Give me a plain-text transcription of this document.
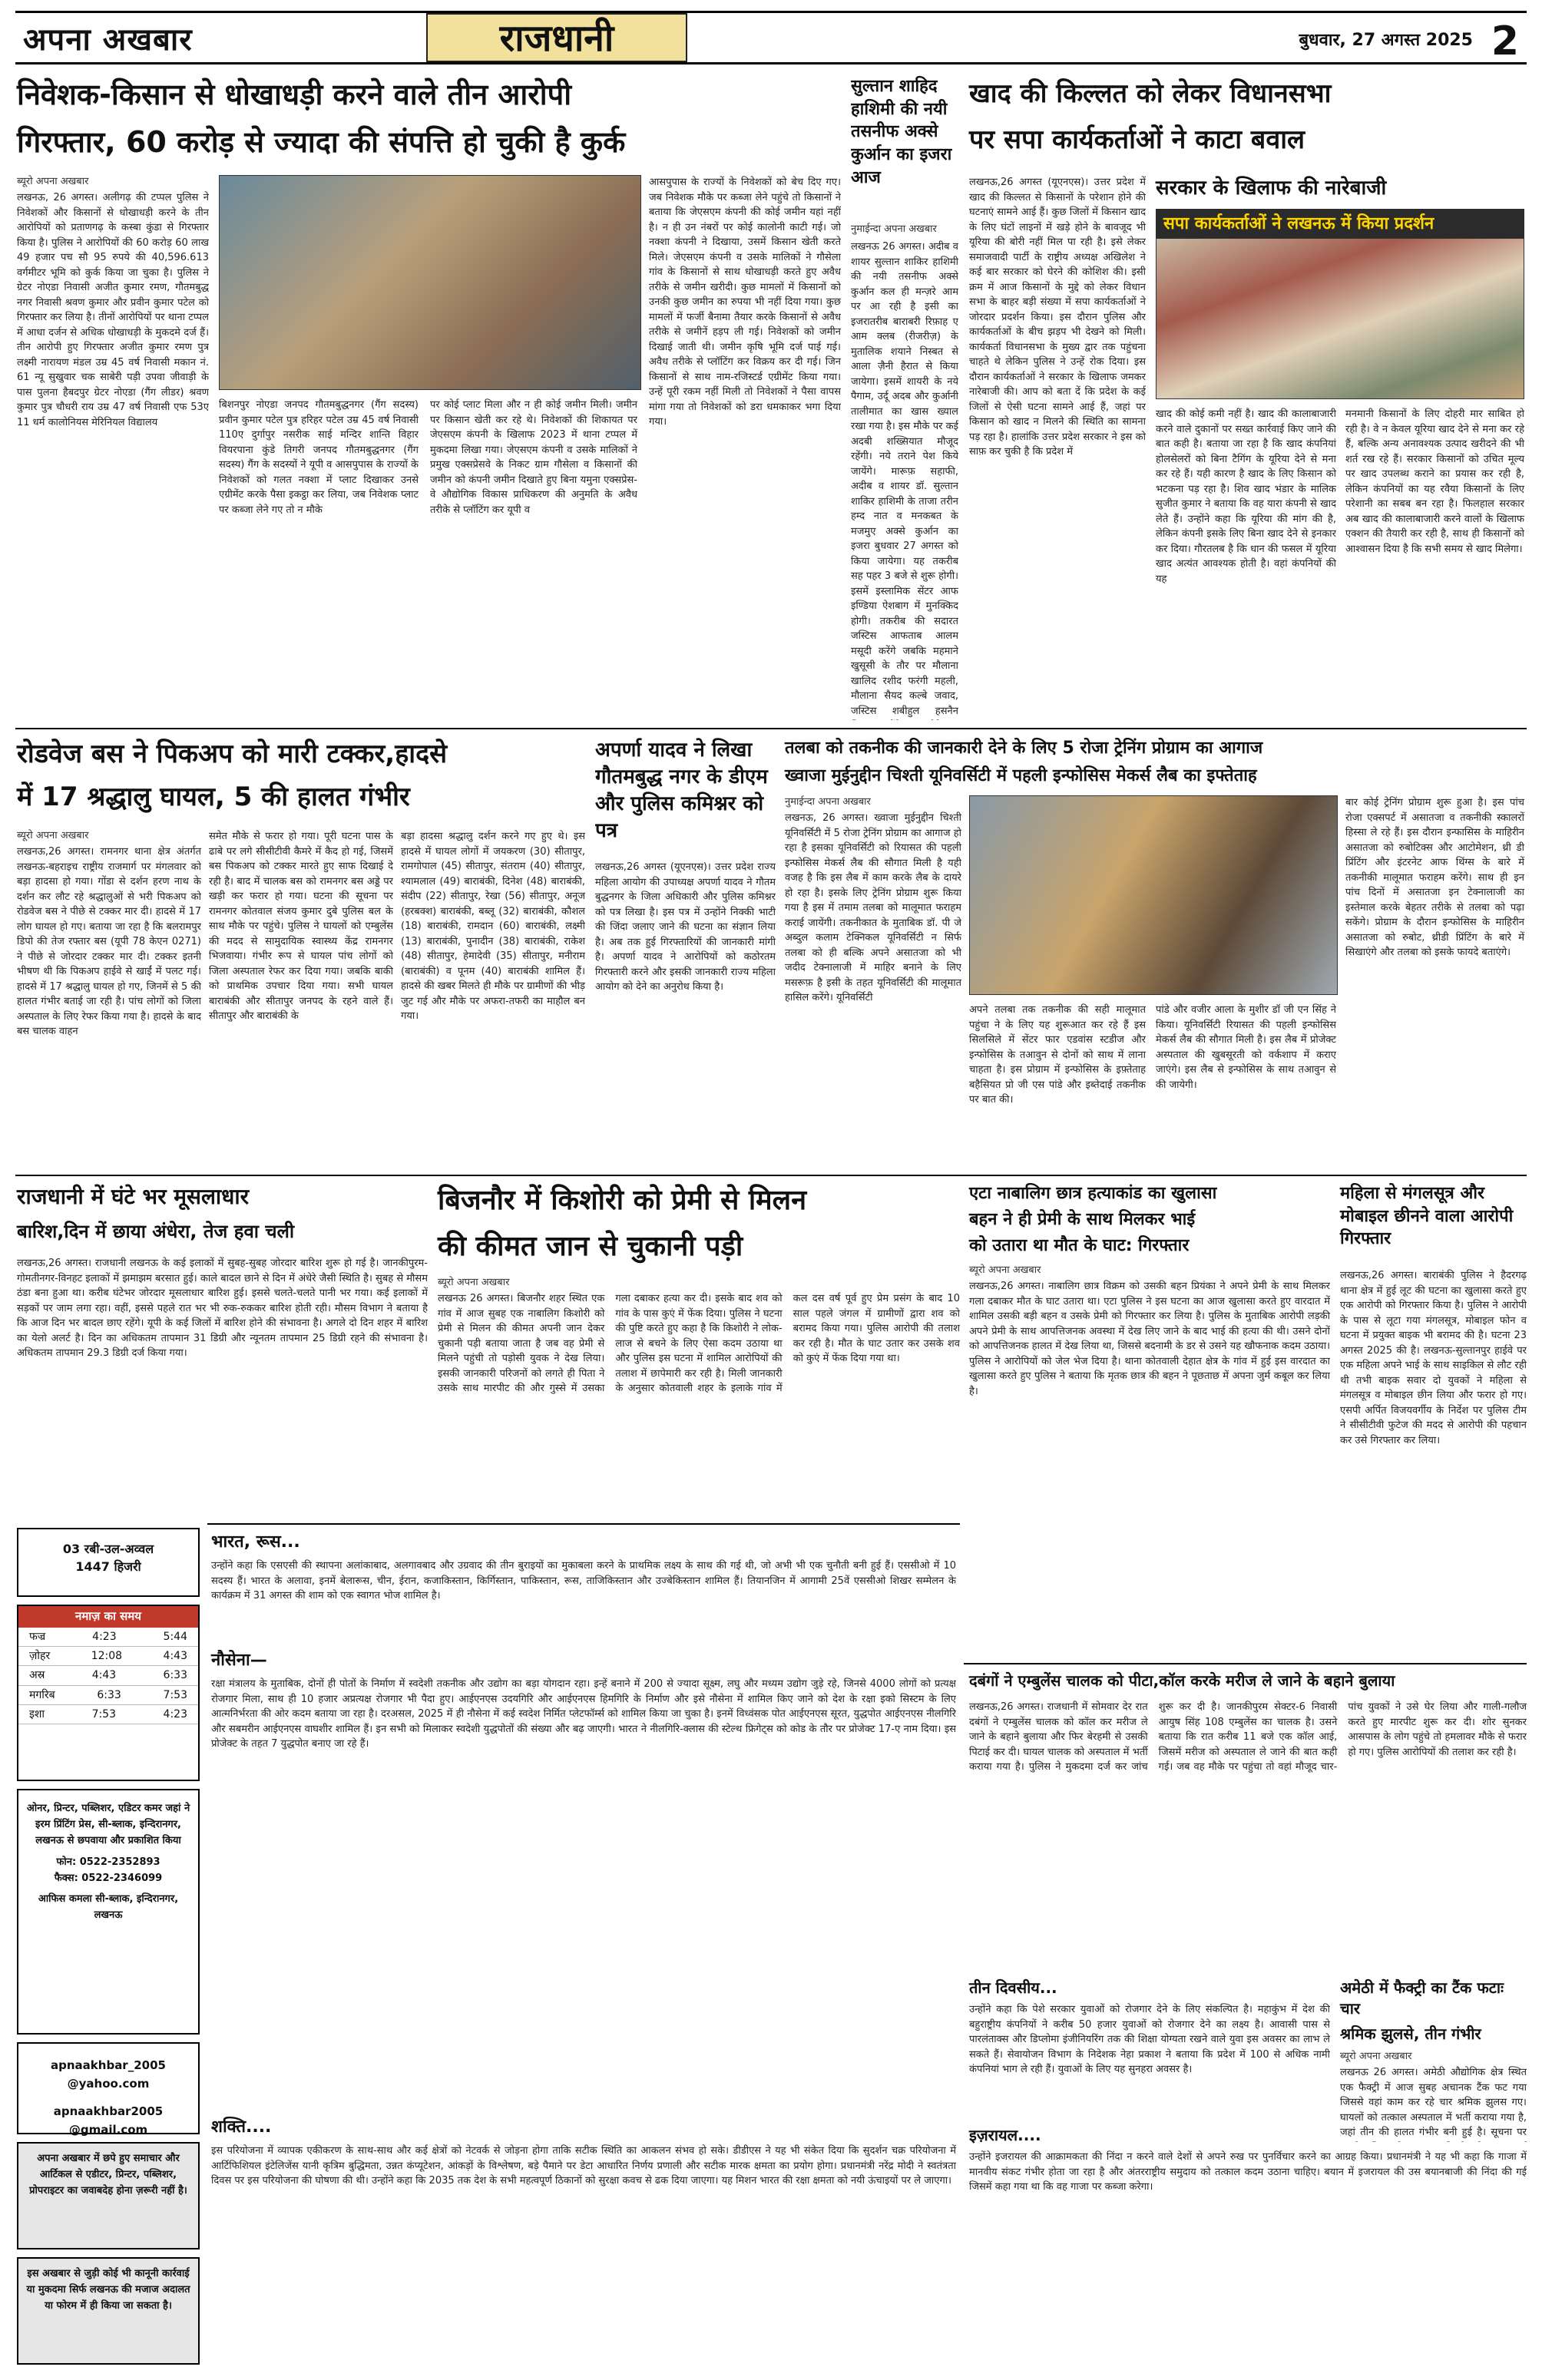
अपना अखबार	राजधानी	बुधवार, 27 अगस्त 2025 2
निवेशक-किसान से धोखाधड़ी करने वाले तीन आरोपी
गिरफ्तार, 60 करोड़ से ज्यादा की संपत्ति हो चुकी है कुर्क
ब्यूरो अपना अखबार
लखनऊ, 26 अगस्त। अलीगढ़ की टप्पल पुलिस ने निवेशकों और किसानों से धोखाधड़ी करने के तीन आरोपियों को प्रताणगढ़ के कस्बा कुंडा से गिरफ्तार किया है। पुलिस ने आरोपियों की 60 करोड़ 60 लाख 49 हजार पच सौ 95 रुपये की 40,596.613 वर्गमीटर भूमि को कुर्क किया जा चुका है। पुलिस ने ग्रेटर नोएडा निवासी अजीत कुमार रमण, गौतमबुद्ध नगर निवासी श्रवण कुमार और प्रवीन कुमार पटेल को गिरफ्तार कर लिया है। तीनों आरोपियों पर थाना टप्पल में आधा दर्जन से अधिक धोखाधड़ी के मुकदमे दर्ज हैं। तीन आरोपी हुए गिरफ्तार अजीत कुमार रमण पुत्र लक्ष्मी नारायण मंडल उम्र 45 वर्ष निवासी मकान नं. 61 न्यू सुखुवार चक साबेरी पड़ी उपवा जीवाड़ी के पास पुलना हैबदपुर ग्रेटर नोएडा (गैंग लीडर) श्रवण कुमार पुत्र चौधरी राय उम्र 47 वर्ष निवासी एफ 53ए 11 धर्म कालोनियस मेरिनियल विद्यालय
बिशनपुर नोएडा जनपद गौतमबुद्धनगर (गैंग सदस्य) प्रवीन कुमार पटेल पुत्र हरिहर पटेल उम्र 45 वर्ष निवासी 110ए दुर्गापुर नसरीक साई मन्दिर शान्ति विहार वियरपाना कुंडे तिगरी जनपद गौतमबुद्धनगर (गैंग सदस्य) गैंग के सदस्यों ने यूपी व आसपुपास के राज्यों के निवेशकों को गलत नक्शा में प्लाट दिखाकर उनसे एग्रीमेंट करके पैसा इकट्ठा कर लिया, जब निवेशक प्लाट पर कब्जा लेने गए तो न मौके
पर कोई प्लाट मिला और न ही कोई जमीन मिली। जमीन पर किसान खेती कर रहे थे। निवेशकों की शिकायत पर जेएसएम कंपनी के खिलाफ 2023 में थाना टप्पल में मुकदमा लिखा गया। जेएसएम कंपनी व उसके मालिकों ने प्रमुख एक्सप्रेसवे के निकट ग्राम गौसेला व किसानों की जमीन को कंपनी जमीन दिखाते हुए बिना यमुना एक्सप्रेस-वे औद्योगिक विकास प्राधिकरण की अनुमति के अवैध तरीके से प्लॉटिंग कर यूपी व
आसपुपास के राज्यों के निवेशकों को बेच दिए गए। जब निवेशक मौके पर कब्जा लेने पहुंचे तो किसानों ने बताया कि जेएसएम कंपनी की कोई जमीन यहां नहीं है। न ही उन नंबरों पर कोई कालोनी काटी गई। जो नक्शा कंपनी ने दिखाया, उसमें किसान खेती करते मिले। जेएसएम कंपनी व उसके मालिकों ने गौसेला गांव के किसानों से साथ धोखाधड़ी करते हुए अवैध तरीके से जमीन खरीदी। कुछ मामलों में किसानों को उनकी कुछ जमीन का रुपया भी नहीं दिया गया। कुछ मामलों में फर्जी बैनामा तैयार करके किसानों से अवैध तरीके से जमीनें हड़प ली गई। निवेशकों को जमीन दिखाई जाती थी। जमीन कृषि भूमि दर्ज पाई गई। अवैध तरीके से प्लॉटिंग कर विक्रय कर दी गई। जिन किसानों से साथ नाम-रजिस्टर्ड एग्रीमेंट किया गया। उन्हें पूरी रकम नहीं मिली तो निवेशकों ने पैसा वापस मांगा गया तो निवेशकों को डरा धमकाकर भगा दिया गया।
सुल्तान शाहिद हाशिमी की नयी तसनीफ अक्से कुर्आन का इजरा आज
नुमाईन्दा अपना अखबार
लखनऊ 26 अगस्त। अदीब व शायर सुल्तान शाकिर हाशिमी की नयी तसनीफ अक्से कुर्आन कल ही मन्ज़रे आम पर आ रही है इसी का इजरातरीब बाराबरी रिफ़ाह ए आम क्लब (रीजरीज़) के मुतालिक शयाने निस्बत से आला ज़ैनी हैरात से किया जायेगा। इसमें शायरी के नये पैगाम, उर्दू अदब और कुर्आनी तालीमात का खास ख्याल रखा गया है। इस मौके पर कई अदबी शख्सियात मौजूद रहेंगी। नये तराने पेश किये जायेंगे। मारूफ़ सहाफी, अदीब व शायर डॉ. सुल्तान शाकिर हाशिमी के ताजा तरीन हम्द नात व मनकबत के मजमुए अक्से कुर्आन का इजरा बुधवार 27 अगस्त को किया जायेगा। यह तकरीब सह पहर 3 बजे से शुरू होगी। इसमें इस्लामिक सेंटर आफ इण्डिया ऐशबाग में मुनक्किद होगी। तकरीब की सदारत जस्टिस आफताब आलम मसूदी करेंगे जबकि महमाने खुसूसी के तौर पर मौलाना खालिद रशीद फरंगी महली, मौलाना सैयद कल्बे जवाद, जस्टिस शबीहुल हसनैन
खाद की किल्लत को लेकर विधानसभा
पर सपा कार्यकर्ताओं ने काटा बवाल
लखनऊ,26 अगस्त (यूएनएस)। उत्तर प्रदेश में खाद की किल्लत से किसानों के परेशान होने की घटनाएं सामने आई हैं। कुछ जिलों में किसान खाद के लिए घंटों लाइनों में खड़े होने के बावजूद भी यूरिया की बोरी नहीं मिल पा रही है। इसे लेकर समाजवादी पार्टी के राष्ट्रीय अध्यक्ष अखिलेश ने कई बार सरकार को घेरने की कोशिश की। इसी क्रम में आज किसानों के मुद्दे को लेकर विधान सभा के बाहर बड़ी संख्या में सपा कार्यकर्ताओं ने जोरदार प्रदर्शन किया। इस दौरान पुलिस और कार्यकर्ताओं के बीच झड़प भी देखने को मिली। कार्यकर्ता विधानसभा के मुख्य द्वार तक पहुंचना चाहते थे लेकिन पुलिस ने उन्हें रोक दिया। इस दौरान कार्यकर्ताओं ने सरकार के खिलाफ जमकर नारेबाजी की। आप को बता दें कि प्रदेश के कई जिलों से ऐसी घटना सामने आई हैं, जहां पर किसान को खाद न मिलने की स्थिति का सामना पड़ रहा है। हालांकि उत्तर प्रदेश सरकार ने इस को साफ़ कर चुकी है कि प्रदेश में
सरकार के खिलाफ की नारेबाजी
सपा कार्यकर्ताओं ने लखनऊ में किया प्रदर्शन
खाद की कोई कमी नहीं है। खाद की कालाबाजारी करने वाले दुकानों पर सख्त कार्रवाई किए जाने की बात कही है। बताया जा रहा है कि खाद कंपनियां होलसेलरों को बिना टैगिंग के यूरिया देने से मना कर रहे हैं। यही कारण है खाद के लिए किसान को भटकना पड़ रहा है। शिव खाद भंडार के मालिक सुजीत कुमार ने बताया कि वह यारा कंपनी से खाद लेते हैं। उन्होंने कहा कि यूरिया की मांग की है, लेकिन कंपनी इसके लिए बिना खाद देने से इनकार कर दिया। गौरतलब है कि धान की फसल में यूरिया खाद अत्यंत आवश्यक होती है। वहां कंपनियों की यह
मनमानी किसानों के लिए दोहरी मार साबित हो रही है। वे न केवल यूरिया खाद देने से मना कर रहे हैं, बल्कि अन्य अनावश्यक उत्पाद खरीदने की भी शर्त रख रहे हैं। सरकार किसानों को उचित मूल्य पर खाद उपलब्ध कराने का प्रयास कर रही है, लेकिन कंपनियों का यह रवैया किसानों के लिए परेशानी का सबब बन रहा है। फिलहाल सरकार अब खाद की कालाबाजारी करने वालों के खिलाफ एक्शन की तैयारी कर रही है, साथ ही किसानों को आश्वासन दिया है कि सभी समय से खाद मिलेगा।
रोडवेज बस ने पिकअप को मारी टक्कर,हादसे
में 17 श्रद्धालु घायल, 5 की हालत गंभीर
ब्यूरो अपना अखबार
लखनऊ,26 अगस्त। रामनगर थाना क्षेत्र अंतर्गत लखनऊ-बहराइच राष्ट्रीय राजमार्ग पर मंगलवार को बड़ा हादसा हो गया। गोंडा से दर्शन हरण नाथ के दर्शन कर लौट रहे श्रद्धालुओं से भरी पिकअप को रोडवेज बस ने पीछे से टक्कर मार दी। हादसे में 17 लोग घायल हो गए। बताया जा रहा है कि बलरामपुर डिपो की तेज रफ्तार बस (यूपी 78 केएन 0271) ने पीछे से जोरदार टक्कर मार दी। टक्कर इतनी भीषण थी कि पिकअप हाईवे से खाईं में पलट गई। हादसे में 17 श्रद्धालु घायल हो गए, जिनमें से 5 की हालत गंभीर बताई जा रही है। पांच लोगों को जिला अस्पताल के लिए रेफर किया गया है। हादसे के बाद बस चालक वाहन
समेत मौके से फरार हो गया। पूरी घटना पास के ढाबे पर लगे सीसीटीवी कैमरे में कैद हो गई, जिसमें बस पिकअप को टक्कर मारते हुए साफ दिखाई दे रही है। बाद में चालक बस को रामनगर बस अड्डे पर खड़ी कर फरार हो गया। घटना की सूचना पर रामनगर कोतवाल संजय कुमार दुबे पुलिस बल के साथ मौके पर पहुंचे। पुलिस ने घायलों को एम्बुलेंस की मदद से सामुदायिक स्वास्थ्य केंद्र रामनगर भिजवाया। गंभीर रूप से घायल पांच लोगों को जिला अस्पताल रेफर कर दिया गया। जबकि बाकी को प्राथमिक उपचार दिया गया। सभी घायल बाराबंकी और सीतापुर जनपद के रहने वाले हैं। सीतापुर और बाराबंकी के
बड़ा हादसा श्रद्धालु दर्शन करने गए हुए थे। इस हादसे में घायल लोगों में जयकरण (30) सीतापुर, रामगोपाल (45) सीतापुर, संतराम (40) सीतापुर, श्यामलाल (49) बाराबंकी, दिनेश (48) बाराबंकी, संदीप (22) सीतापुर, रेखा (56) सीतापुर, अनूज (हरबक्श) बाराबंकी, बब्लू (32) बाराबंकी, कौशल (18) बाराबंकी, रामदान (60) बाराबंकी, लक्ष्मी (13) बाराबंकी, पुनादीन (38) बाराबंकी, राकेश (48) सीतापुर, हेमादेवी (35) सीतापुर, मनीराम (बाराबंकी) व पूनम (40) बाराबंकी शामिल हैं। हादसे की खबर मिलते ही मौके पर ग्रामीणों की भीड़ जुट गई और मौके पर अफरा-तफरी का माहौल बन गया।
अपर्णा यादव ने लिखा गौतमबुद्ध नगर के डीएम और पुलिस कमिश्नर को पत्र
लखनऊ,26 अगस्त (यूएनएस)। उत्तर प्रदेश राज्य महिला आयोग की उपाध्यक्ष अपर्णा यादव ने गौतम बुद्धनगर के जिला अधिकारी और पुलिस कमिश्नर को पत्र लिखा है। इस पत्र में उन्होंने निक्की भाटी की जिंदा जलाए जाने की घटना का संज्ञान लिया है। अब तक हुई गिरफ्तारियों की जानकारी मांगी है। अपर्णा यादव ने आरोपियों को कठोरतम गिरफ्तारी करने और इसकी जानकारी राज्य महिला आयोग को देने का अनुरोध किया है।
तलबा को तकनीक की जानकारी देने के लिए 5 रोजा ट्रेनिंग प्रोग्राम का आगाज
ख्वाजा मुईनुद्दीन चिश्ती यूनिवर्सिटी में पहली इन्फोसिस मेकर्स लैब का इफ्तेताह
नुमाईन्दा अपना अखबार
लखनऊ, 26 अगस्त। ख्वाजा मुईनुद्दीन चिश्ती यूनिवर्सिटी में 5 रोजा ट्रेनिंग प्रोग्राम का आगाज हो रहा है इसका यूनिवर्सिटी को रियासत की पहली इन्फोसिस मेकर्स लैब की सौगात मिली है यही वजह है कि इस लैब में काम करके लैब के दायरे हो रहा है। इसके लिए ट्रेनिंग प्रोग्राम शुरू किया गया है इस में तमाम तलबा को मालूमात फराहम कराई जायेंगी। तकनीकात के मुताबिक डॉ. पी जे अब्दुल कलाम टेक्निकल यूनिवर्सिटी न सिर्फ तलबा को ही बल्कि अपने असातजा को भी जदीद टेक्नालाजी में माहिर बनाने के लिए मसरूफ़ है इसी के तहत यूनिवर्सिटी की मालूमात हासिल करेंगे। यूनिवर्सिटी
अपने तलबा तक तकनीक की सही मालूमात पहुंचा ने के लिए यह शुरूआत कर रहे हैं इस सिलसिले में सेंटर फार एडवांस स्टडीज और इन्फोसिस के तआवुन से दोनों को साथ में लाना चाहता है। इस प्रोग्राम में इन्फोसिस के इफ़्तेताह बहैसियत प्रो जी एस पांडे और इब्तेदाई तकनीक पर बात की।
पांडे और वजीर आला के मुशीर डॉ जी एन सिंह ने किया। यूनिवर्सिटी रियासत की पहली इन्फोसिस मेकर्स लैब की सौगात मिली है। इस लैब में प्रोजेक्ट अस्पताल की खुबसूरती को वर्कशाप में कराए जाएंगे। इस लैब से इन्फोसिस के साथ तआवुन से की जायेगी।
बार कोई ट्रेनिंग प्रोग्राम शुरू हुआ है। इस पांच रोजा एक्सपर्ट में असातजा व तकनीकी स्कालरों हिस्सा ले रहे हैं। इस दौरान इन्फासिस के माहिरीन असातजा को रुबोटिक्स और आटोमेशन, थ्री डी प्रिंटिंग और इंटरनेट आफ थिंग्स के बारे में तकनीकी मालूमात फराहम करेंगे। साथ ही इन पांच दिनों में असातजा इन टेक्नालाजी का इस्तेमाल करके बेहतर तरीके से तलबा को पढ़ा सकेंगे। प्रोग्राम के दौरान इन्फोसिस के माहिरीन असातजा को रुबोट, थ्रीडी प्रिंटिंग के बारे में सिखाएंगे और तलबा को इसके फायदे बताएंगे।
राजधानी में घंटे भर मूसलाधार
बारिश,दिन में छाया अंधेरा, तेज हवा चली
लखनऊ,26 अगस्त। राजधानी लखनऊ के कई इलाकों में सुबह-सुबह जोरदार बारिश शुरू हो गई है। जानकीपुरम-गोमतीनगर-विनहट इलाकों में झमाझम बरसात हुई। काले बादल छाने से दिन में अंधेरे जैसी स्थिति है। सुबह से मौसम ठंडा बना हुआ था। करीब घंटेभर जोरदार मूसलाधार बारिश हुई। इससे चलते-चलते पानी भर गया। कई इलाकों में सड़कों पर जाम लगा रहा। वहीं, इससे पहले रात भर भी रुक-रुककर बारिश होती रही। मौसम विभाग ने बताया है कि आज दिन भर बादल छाए रहेंगे। यूपी के कई जिलों में बारिश होने की संभावना है। अगले दो दिन शहर में बारिश का येलो अलर्ट है। दिन का अधिकतम तापमान 31 डिग्री और न्यूनतम तापमान 25 डिग्री रहने की संभावना है। अधिकतम तापमान 29.3 डिग्री दर्ज किया गया।
बिजनौर में किशोरी को प्रेमी से मिलन
की कीमत जान से चुकानी पड़ी
ब्यूरो अपना अखबार
लखनऊ 26 अगस्त। बिजनौर शहर स्थित एक गांव में आज सुबह एक नाबालिग किशोरी को प्रेमी से मिलन की कीमत अपनी जान देकर चुकानी पड़ी बताया जाता है जब वह प्रेमी से मिलने पहुंची तो पड़ोसी युवक ने देख लिया। इसकी जानकारी परिजनों को लगते ही पिता ने उसके साथ मारपीट की और गुस्से में उसका गला दबाकर हत्या कर दी। इसके बाद शव को गांव के पास कुएं में फेंक दिया। पुलिस ने घटना की पुष्टि करते हुए कहा है कि किशोरी ने लोक-लाज से बचने के लिए ऐसा कदम उठाया था और पुलिस इस घटना में शामिल आरोपियों की तलाश में छापेमारी कर रही है। मिली जानकारी के अनुसार कोतवाली शहर के इलाके गांव में कल दस वर्ष पूर्व हुए प्रेम प्रसंग के बाद 10 साल पहले जंगल में ग्रामीणों द्वारा शव को बरामद किया गया। पुलिस आरोपी की तलाश कर रही है। मौत के घाट उतार कर उसके शव को कुएं में फेंक दिया गया था।
एटा नाबालिग छात्र हत्याकांड का खुलासा
बहन ने ही प्रेमी के साथ मिलकर भाई
को उतारा था मौत के घाट: गिरफ्तार
ब्यूरो अपना अखबार
लखनऊ,26 अगस्त। नाबालिग छात्र विक्रम को उसकी बहन प्रियंका ने अपने प्रेमी के साथ मिलकर गला दबाकर मौत के घाट उतारा था। एटा पुलिस ने इस घटना का आज खुलासा करते हुए वारदात में शामिल उसकी बड़ी बहन व उसके प्रेमी को गिरफ्तार कर लिया है। पुलिस के मुताबिक आरोपी लड़की अपने प्रेमी के साथ आपत्तिजनक अवस्था में देख लिए जाने के बाद भाई की हत्या की थी। उसने दोनों को आपत्तिजनक हालत में देख लिया था, जिससे बदनामी के डर से उसने यह खौफनाक कदम उठाया। पुलिस ने आरोपियों को जेल भेज दिया है। थाना कोतवाली देहात क्षेत्र के गांव में हुई इस वारदात का खुलासा करते हुए पुलिस ने बताया कि मृतक छात्र की बहन ने पूछताछ में अपना जुर्म कबूल कर लिया है।
महिला से मंगलसूत्र और मोबाइल छीनने वाला आरोपी गिरफ्तार
लखनऊ,26 अगस्त। बाराबंकी पुलिस ने हैदरगढ़ थाना क्षेत्र में हुई लूट की घटना का खुलासा करते हुए एक आरोपी को गिरफ्तार किया है। पुलिस ने आरोपी के पास से लूटा गया मंगलसूत्र, मोबाइल फोन व घटना में प्रयुक्त बाइक भी बरामद की है। घटना 23 अगस्त 2025 की है। लखनऊ-सुल्तानपुर हाईवे पर एक महिला अपने भाई के साथ साइकिल से लौट रही थी तभी बाइक सवार दो युवकों ने महिला से मंगलसूत्र व मोबाइल छीन लिया और फरार हो गए। एसपी अर्पित विजयवर्गीय के निर्देश पर पुलिस टीम ने सीसीटीवी फुटेज की मदद से आरोपी की पहचान कर उसे गिरफ्तार कर लिया।
03 रबी-उल-अव्वल
1447 हिजरी
नमाज़ का समय
फज्र	4:23	5:44
ज़ोहर	12:08	4:43
अस्र	4:43	6:33
मगरिब	6:33	7:53
इशा	7:53	4:23
ओनर, प्रिन्टर, पब्लिशर, एडिटर कमर जहां ने इरम प्रिंटिंग प्रेस, सी-ब्लाक, इन्दिरानगर, लखनऊ से छपवाया और प्रकाशित किया
फोन: 0522-2352893
फैक्स: 0522-2346099
आफिस कमला सी-ब्लाक, इन्दिरानगर, लखनऊ
apnaakhbar_2005 @yahoo.com
apnaakhbar2005 @gmail.com
अपना अखबार में छपे हुए समाचार और आर्टिकल से एडीटर, प्रिन्टर, पब्लिशर, प्रोपराइटर का जवाबदेह होना ज़रूरी नहीं है।
इस अखबार से जुड़ी कोई भी कानूनी कार्रवाई या मुकदमा सिर्फ लखनऊ की मजाज अदालत या फोरम में ही किया जा सकता है।
भारत, रूस...
उन्होंने कहा कि एसएसी की स्थापना अलांकाबाद, अलगावबाद और उग्रवाद की तीन बुराइयों का मुकाबला करने के प्राथमिक लक्ष्य के साथ की गई थी, जो अभी भी एक चुनौती बनी हुई हैं। एससीओ में 10 सदस्य हैं। भारत के अलावा, इनमें बेलारूस, चीन, ईरान, कजाकिस्तान, किर्गिस्तान, पाकिस्तान, रूस, ताजिकिस्तान और उज्बेकिस्तान शामिल हैं। तियानजिन में आगामी 25वें एससीओ शिखर सम्मेलन के कार्यक्रम में 31 अगस्त की शाम को एक स्वागत भोज शामिल है।
नौसेना—
रक्षा मंत्रालय के मुताबिक, दोनों ही पोतों के निर्माण में स्वदेशी तकनीक और उद्योग का बड़ा योगदान रहा। इन्हें बनाने में 200 से ज्यादा सूक्ष्म, लघु और मध्यम उद्योग जुड़े रहे, जिनसे 4000 लोगों को प्रत्यक्ष रोजगार मिला, साथ ही 10 हजार अप्रत्यक्ष रोजगार भी पैदा हुए। आईएनएस उदयगिरि और आईएनएस हिमगिरि के निर्माण और इसे नौसेना में शामिल किए जाने को देश के रक्षा इको सिस्टम के लिए आत्मनिर्भरता की ओर कदम बताया जा रहा है। दरअसल, 2025 में ही नौसेना में कई स्वदेश निर्मित प्लेटफॉर्म्स को शामिल किया जा चुका है। इनमें विध्वंसक पोत आईएनएस सूरत, युद्धपोत आईएनएस नीलगिरि और सबमरीन आईएनएस वाघशीर शामिल हैं। इन सभी को मिलाकर स्वदेशी युद्धपोतों की संख्या और बढ़ जाएगी। भारत ने नीलगिरि-क्लास की स्टेल्थ फ्रिगेट्स को कोड के तौर पर प्रोजेक्ट 17-ए नाम दिया। इस प्रोजेक्ट के तहत 7 युद्धपोत बनाए जा रहे हैं।
शक्ति....
इस परियोजना में व्यापक एकीकरण के साथ-साथ और कई क्षेत्रों को नेटवर्क से जोड़ना होगा ताकि सटीक स्थिति का आकलन संभव हो सके। डीडीएस ने यह भी संकेत दिया कि सुदर्शन चक्र परियोजना में आर्टिफिशियल इंटेलिजेंस यानी कृत्रिम बुद्धिमता, उन्नत कंप्यूटेशन, आंकड़ों के विश्लेषण, बड़े पैमाने पर डेटा आधारित निर्णय प्रणाली और सटीक मारक क्षमता का प्रयोग होगा। प्रधानमंत्री नरेंद्र मोदी ने स्वतंत्रता दिवस पर इस परियोजना की घोषणा की थी। उन्होंने कहा कि 2035 तक देश के सभी महत्वपूर्ण ठिकानों को सुरक्षा कवच से ढक दिया जाएगा। यह मिशन भारत की रक्षा क्षमता को नयी ऊंचाइयों पर ले जाएगा।
दबंगों ने एम्बुलेंस चालक को पीटा,कॉल करके मरीज ले जाने के बहाने बुलाया
लखनऊ,26 अगस्त। राजधानी में सोमवार देर रात दबंगों ने एम्बुलेंस चालक को कॉल कर मरीज ले जाने के बहाने बुलाया और फिर बेरहमी से उसकी पिटाई कर दी। घायल चालक को अस्पताल में भर्ती कराया गया है। पुलिस ने मुकदमा दर्ज कर जांच शुरू कर दी है। जानकीपुरम सेक्टर-6 निवासी आयुष सिंह 108 एम्बुलेंस का चालक है। उसने बताया कि रात करीब 11 बजे एक कॉल आई, जिसमें मरीज को अस्पताल ले जाने की बात कही गई। जब वह मौके पर पहुंचा तो वहां मौजूद चार-पांच युवकों ने उसे घेर लिया और गाली-गलौज करते हुए मारपीट शुरू कर दी। शोर सुनकर आसपास के लोग पहुंचे तो हमलावर मौके से फरार हो गए। पुलिस आरोपियों की तलाश कर रही है।
तीन दिवसीय...
उन्होंने कहा कि पेशे सरकार युवाओं को रोजगार देने के लिए संकल्पित है। महाकुंभ में देश की बहुराष्ट्रीय कंपनियों ने करीब 50 हजार युवाओं को रोजगार देने का लक्ष्य है। आवासी पास से पारलंताक्स और डिप्लोमा इंजीनियरिंग तक की शिक्षा योग्यता रखने वाले युवा इस अवसर का लाभ ले सकते हैं। सेवायोजन विभाग के निदेशक नेहा प्रकाश ने बताया कि प्रदेश में 100 से अधिक नामी कंपनियां भाग ले रही हैं। युवाओं के लिए यह सुनहरा अवसर है।
इज़रायल....
उन्होंने इजरायल की आक्रामकता की निंदा न करने वाले देशों से अपने रुख पर पुनर्विचार करने का आग्रह किया। प्रधानमंत्री ने यह भी कहा कि गाजा में मानवीय संकट गंभीर होता जा रहा है और अंतरराष्ट्रीय समुदाय को तत्काल कदम उठाना चाहिए। बयान में इजरायल की उस बयानबाजी की निंदा की गई जिसमें कहा गया था कि वह गाजा पर कब्जा करेगा।
अमेठी में फैक्ट्री का टैंक फटाः चार
श्रमिक झुलसे, तीन गंभीर
ब्यूरो अपना अखबार
लखनऊ 26 अगस्त। अमेठी औद्योगिक क्षेत्र स्थित एक फैक्ट्री में आज सुबह अचानक टैंक फट गया जिससे वहां काम कर रहे चार श्रमिक झुलस गए। घायलों को तत्काल अस्पताल में भर्ती कराया गया है, जहां तीन की हालत गंभीर बनी हुई है। सूचना पर
